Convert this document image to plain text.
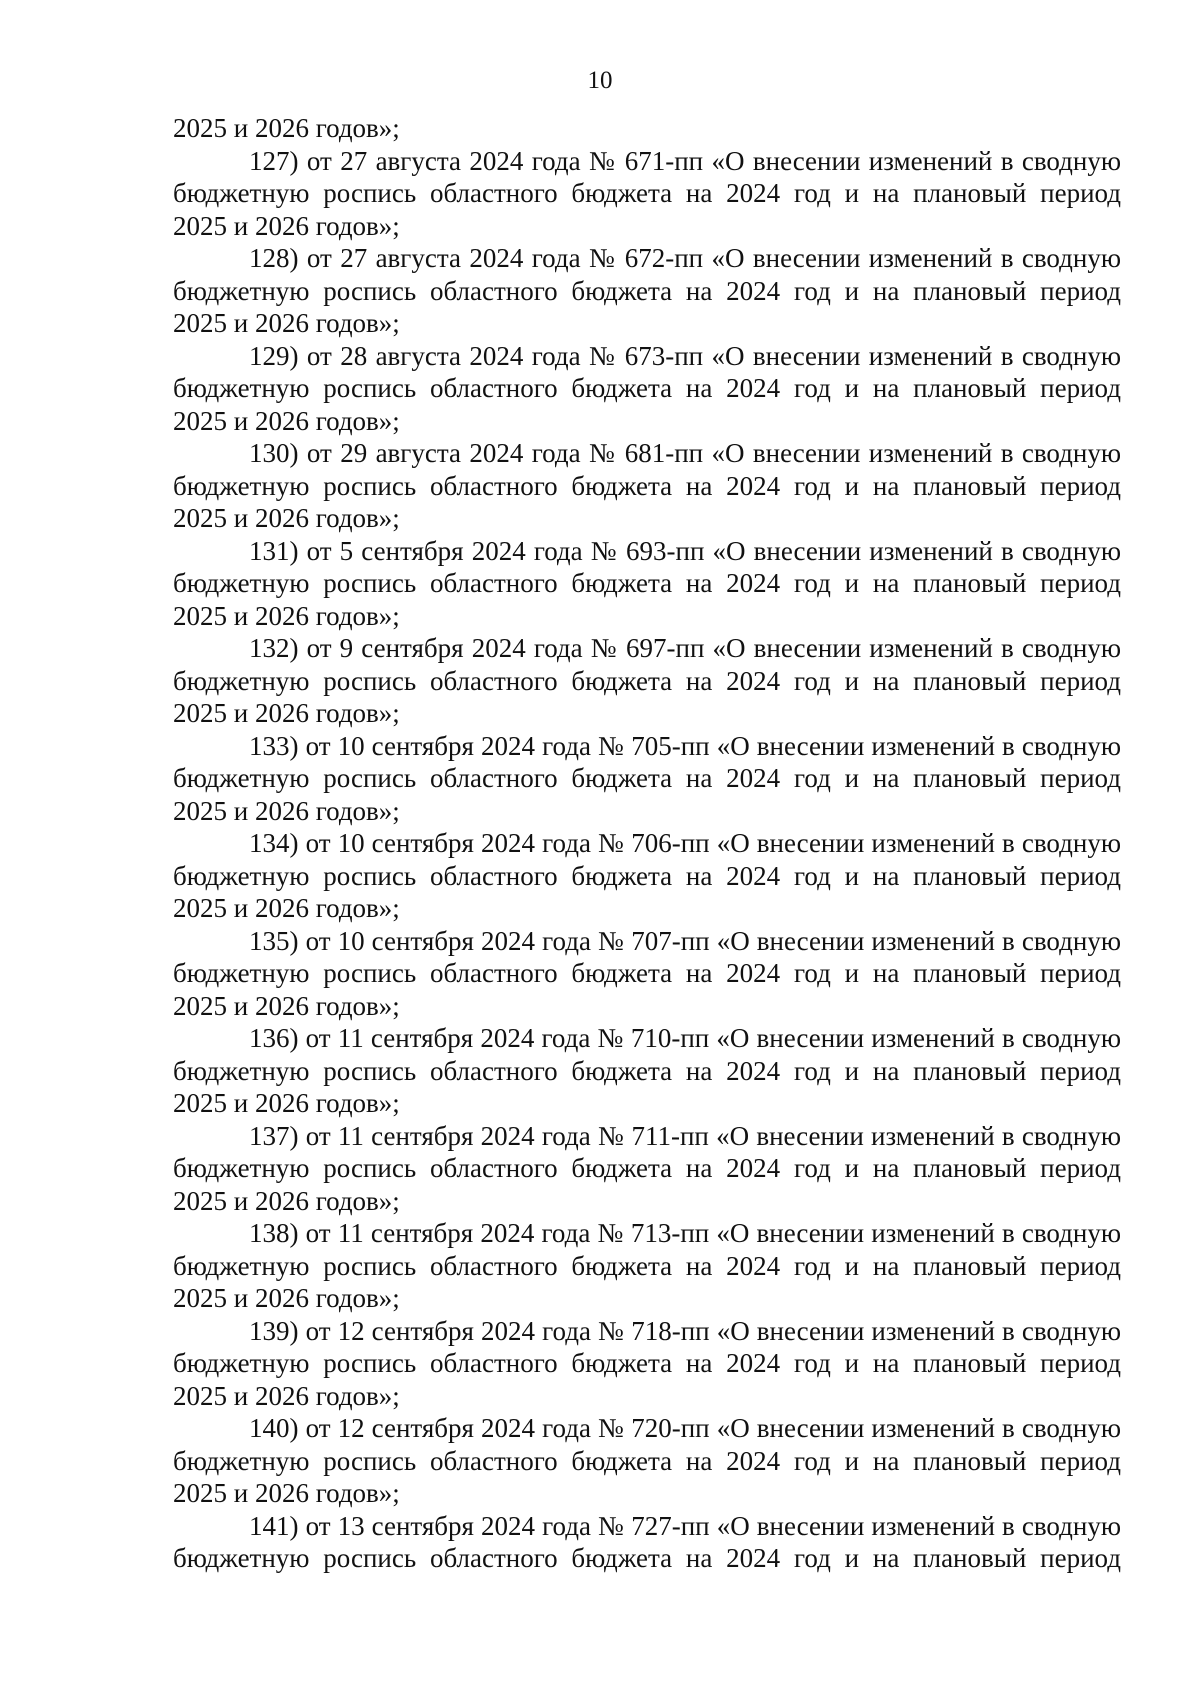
10
2025 и 2026 годов»;
127) от 27 августа 2024 года № 671-пп «О внесении изменений в сводную
бюджетную роспись областного бюджета на 2024 год и на плановый период
2025 и 2026 годов»;
128) от 27 августа 2024 года № 672-пп «О внесении изменений в сводную
бюджетную роспись областного бюджета на 2024 год и на плановый период
2025 и 2026 годов»;
129) от 28 августа 2024 года № 673-пп «О внесении изменений в сводную
бюджетную роспись областного бюджета на 2024 год и на плановый период
2025 и 2026 годов»;
130) от 29 августа 2024 года № 681-пп «О внесении изменений в сводную
бюджетную роспись областного бюджета на 2024 год и на плановый период
2025 и 2026 годов»;
131) от 5 сентября 2024 года № 693-пп «О внесении изменений в сводную
бюджетную роспись областного бюджета на 2024 год и на плановый период
2025 и 2026 годов»;
132) от 9 сентября 2024 года № 697-пп «О внесении изменений в сводную
бюджетную роспись областного бюджета на 2024 год и на плановый период
2025 и 2026 годов»;
133) от 10 сентября 2024 года № 705-пп «О внесении изменений в сводную
бюджетную роспись областного бюджета на 2024 год и на плановый период
2025 и 2026 годов»;
134) от 10 сентября 2024 года № 706-пп «О внесении изменений в сводную
бюджетную роспись областного бюджета на 2024 год и на плановый период
2025 и 2026 годов»;
135) от 10 сентября 2024 года № 707-пп «О внесении изменений в сводную
бюджетную роспись областного бюджета на 2024 год и на плановый период
2025 и 2026 годов»;
136) от 11 сентября 2024 года № 710-пп «О внесении изменений в сводную
бюджетную роспись областного бюджета на 2024 год и на плановый период
2025 и 2026 годов»;
137) от 11 сентября 2024 года № 711-пп «О внесении изменений в сводную
бюджетную роспись областного бюджета на 2024 год и на плановый период
2025 и 2026 годов»;
138) от 11 сентября 2024 года № 713-пп «О внесении изменений в сводную
бюджетную роспись областного бюджета на 2024 год и на плановый период
2025 и 2026 годов»;
139) от 12 сентября 2024 года № 718-пп «О внесении изменений в сводную
бюджетную роспись областного бюджета на 2024 год и на плановый период
2025 и 2026 годов»;
140) от 12 сентября 2024 года № 720-пп «О внесении изменений в сводную
бюджетную роспись областного бюджета на 2024 год и на плановый период
2025 и 2026 годов»;
141) от 13 сентября 2024 года № 727-пп «О внесении изменений в сводную
бюджетную роспись областного бюджета на 2024 год и на плановый период
